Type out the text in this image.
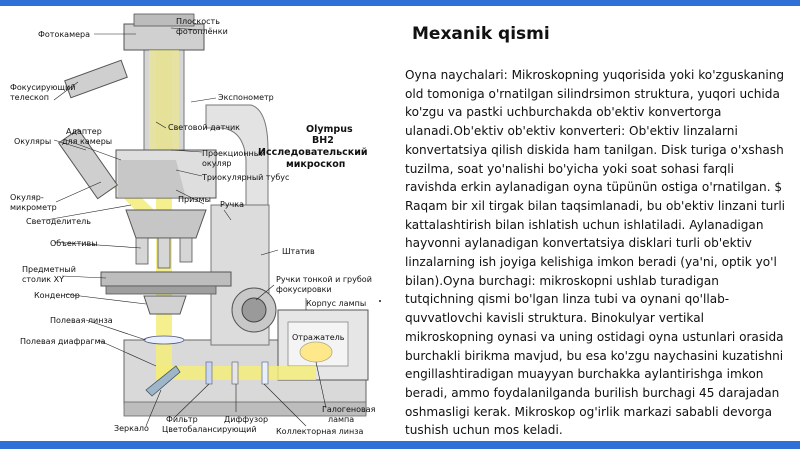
Фотокамера
Плоскость
фотоплёнки
Фокусирующий
телескоп	Экспонометр
Световой датчик
Окуляры
Адаптер
для камеры
Проекционный
окуляр
Триокулярный тубус
Окуляр-
микрометр
Призмы
Светоделитель
Ручка
Объективы
Штатив
Предметный
столик XY	Ручки тонкой и грубой
фокусировки
Конденсор
Корпус лампы
Полевая линза
Отражатель
Полевая диафрагма
Зеркало
Фильтр
Цветобалансирующий
Диффузор
Галогеновая
лампа
Коллекторная линза
Olympus
BH2
Исследовательский
микроскоп
Mexanik qismi

Oyna naychalari: Mikroskopning yuqorisida yoki ko'zguskaning old tomoniga o'rnatilgan silindrsimon struktura, yuqori uchida ko'zgu va pastki uchburchakda ob'ektiv konvertorga ulanadi.Ob'ektiv ob'ektiv konverteri: Ob'ektiv linzalarni konvertatsiya qilish diskida ham tanilgan. Disk turiga o'xshash tuzilma, soat yo'nalishi bo'yicha yoki soat sohasi farqli ravishda erkin aylanadigan oyna tüpünün ostiga o'rnatilgan. $ Raqam bir xil tirgak bilan taqsimlanadi, bu ob'ektiv linzani turli kattalashtirish bilan ishlatish uchun ishlatiladi. Aylanadigan hayvonni aylanadigan konvertatsiya disklari turli ob'ektiv linzalarning ish joyiga kelishiga imkon beradi (ya'ni, optik yo'l bilan).Oyna burchagi: mikroskopni ushlab turadigan tutqichning qismi bo'lgan linza tubi va oynani qo'llab-quvvatlovchi kavisli struktura. Binokulyar vertikal mikroskopning oynasi va uning ostidagi oyna ustunlari orasida burchakli birikma mavjud, bu esa ko'zgu naychasini kuzatishni engillashtiradigan muayyan burchakka aylantirishga imkon beradi, ammo foydalanilganda burilish burchagi 45 darajadan oshmasligi kerak. Mikroskop og'irlik markazi sababli devorga tushish uchun mos keladi.
